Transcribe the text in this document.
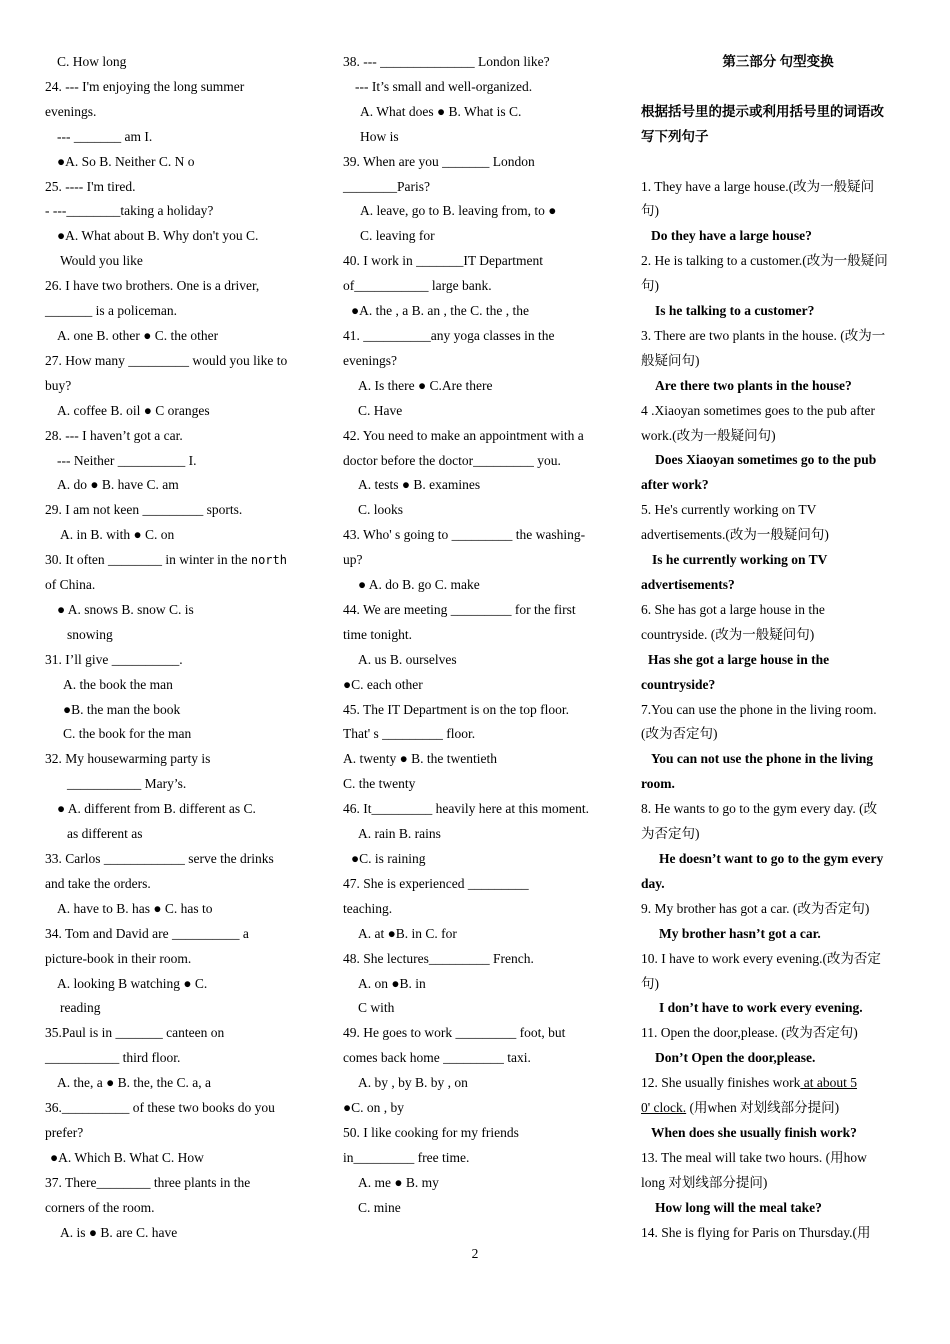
C. How long
24. --- I'm enjoying the long summer
evenings.
--- _______ am I.
●A. So B. Neither C. N o
25. ---- I'm tired.
- ---________taking a holiday?
●A. What about B. Why don't you C.
Would you like
26. I have two brothers. One is a driver,
_______ is a policeman.
A. one B. other ● C. the other
27. How many _________ would you like to
buy?
A. coffee B. oil ● C oranges
28. --- I haven’t got a car.
--- Neither __________ I.
A. do ● B. have C. am
29. I am not keen _________ sports.
A. in B. with ● C. on
30. It often ________ in winter in the north
of China.
● A. snows B. snow C. is
snowing
31. I’ll give __________.
A. the book the man
●B. the man the book
C. the book for the man
32. My housewarming party is
___________ Mary’s.
● A. different from B. different as C.
as different as
33. Carlos ____________ serve the drinks
and take the orders.
A. have to B. has ● C. has to
34. Tom and David are __________ a
picture-book in their room.
A. looking B watching ● C.
reading
35.Paul is in _______ canteen on
___________ third floor.
A. the, a ● B. the, the C. a, a
36.__________ of these two books do you
prefer?
●A. Which B. What C. How
37. There________ three plants in the
corners of the room.
A. is ● B. are C. have
38. --- ______________ London like?
--- It’s small and well-organized.
A. What does ● B. What is C.
How is
39. When are you _______ London
________Paris?
A. leave, go to B. leaving from, to ●
C. leaving for
40. I work in _______IT Department
of___________ large bank.
●A. the , a B. an , the C. the , the
41. __________any yoga classes in the
evenings?
A. Is there ● C.Are there
C. Have
42. You need to make an appointment with a
doctor before the doctor_________ you.
A. tests ● B. examines
C. looks
43. Who' s going to _________ the washing-
up?
● A. do B. go C. make
44. We are meeting _________ for the first
time tonight.
A. us B. ourselves
●C. each other
45. The IT Department is on the top floor.
That' s _________ floor.
A. twenty ● B. the twentieth
C. the twenty
46. It_________ heavily here at this moment.
A. rain B. rains
●C. is raining
47. She is experienced _________
teaching.
A. at ●B. in C. for
48. She lectures_________ French.
A. on ●B. in
C with
49. He goes to work _________ foot, but
comes back home _________ taxi.
A. by , by B. by , on
●C. on , by
50. I like cooking for my friends
in_________ free time.
A. me ● B. my
C. mine
第三部分 句型变换
根据括号里的提示或利用括号里的词语改
写下列句子
1. They have a large house.(改为一般疑问
句)
Do they have a large house?
2. He is talking to a customer.(改为一般疑问
句)
Is he talking to a customer?
3. There are two plants in the house. (改为一
般疑问句)
Are there two plants in the house?
4 .Xiaoyan sometimes goes to the pub after
work.(改为一般疑问句)
Does Xiaoyan sometimes go to the pub
after work?
5. He's currently working on TV
advertisements.(改为一般疑问句)
Is he currently working on TV
advertisements?
6. She has got a large house in the
countryside. (改为一般疑问句)
Has she got a large house in the
countryside?
7.You can use the phone in the living room.
(改为否定句)
You can not use the phone in the living
room.
8. He wants to go to the gym every day. (改
为否定句)
He doesn’t want to go to the gym every
day.
9. My brother has got a car. (改为否定句)
My brother hasn’t got a car.
10. I have to work every evening.(改为否定
句)
I don’t have to work every evening.
11. Open the door,please. (改为否定句)
Don’t Open the door,please.
12. She usually finishes work at about 5
0' clock. (用when 对划线部分提问)
When does she usually finish work?
13. The meal will take two hours. (用how
long 对划线部分提问)
How long will the meal take?
14. She is flying for Paris on Thursday.(用
2
